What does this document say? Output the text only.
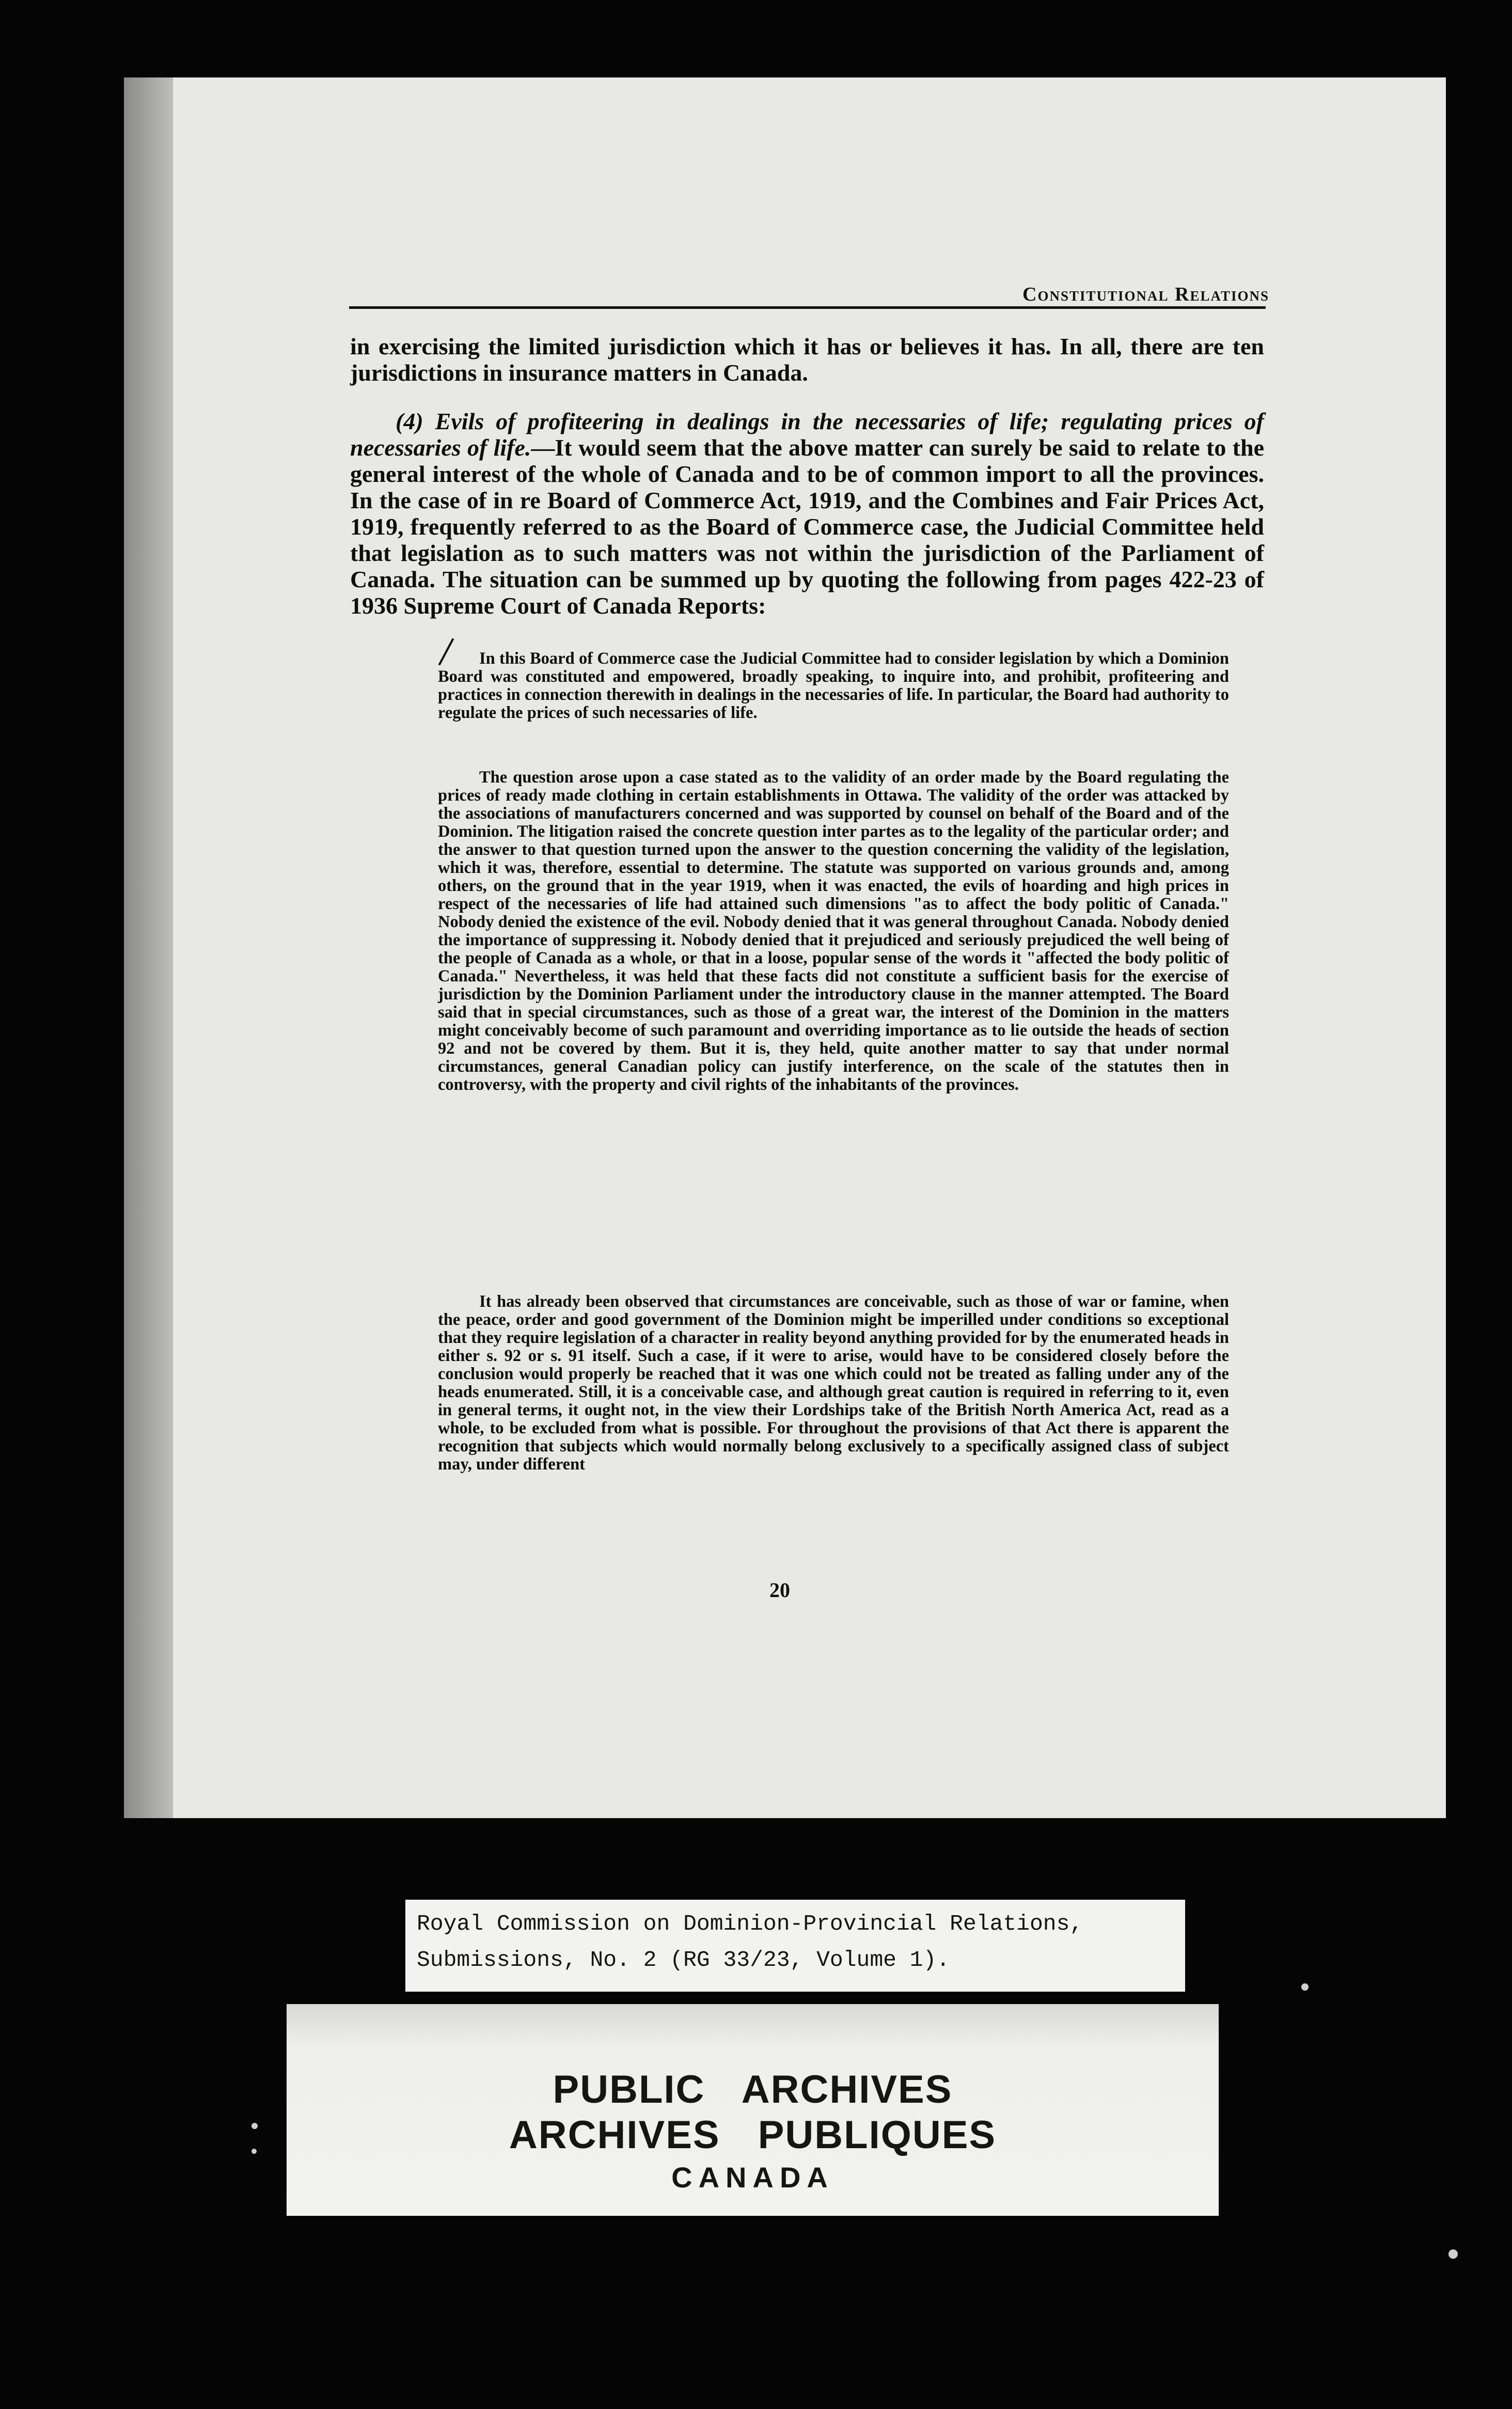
Constitutional Relations
in exercising the limited jurisdiction which it has or believes it has. In all, there are ten jurisdictions in insurance matters in Canada.
(4) Evils of profiteering in dealings in the necessaries of life; regulating prices of necessaries of life.—It would seem that the above matter can surely be said to relate to the general interest of the whole of Canada and to be of common import to all the provinces. In the case of in re Board of Commerce Act, 1919, and the Combines and Fair Prices Act, 1919, frequently referred to as the Board of Commerce case, the Judicial Committee held that legislation as to such matters was not within the jurisdiction of the Parliament of Canada. The situation can be summed up by quoting the following from pages 422-23 of 1936 Supreme Court of Canada Reports:
In this Board of Commerce case the Judicial Committee had to consider legislation by which a Dominion Board was constituted and empowered, broadly speaking, to inquire into, and prohibit, profiteering and practices in connection therewith in dealings in the necessaries of life. In particular, the Board had authority to regulate the prices of such necessaries of life.
The question arose upon a case stated as to the validity of an order made by the Board regulating the prices of ready made clothing in certain establishments in Ottawa. The validity of the order was attacked by the associations of manufacturers concerned and was supported by counsel on behalf of the Board and of the Dominion. The litigation raised the concrete question inter partes as to the legality of the particular order; and the answer to that question turned upon the answer to the question concerning the validity of the legislation, which it was, therefore, essential to determine. The statute was supported on various grounds and, among others, on the ground that in the year 1919, when it was enacted, the evils of hoarding and high prices in respect of the necessaries of life had attained such dimensions "as to affect the body politic of Canada." Nobody denied the existence of the evil. Nobody denied that it was general throughout Canada. Nobody denied the importance of suppressing it. Nobody denied that it prejudiced and seriously prejudiced the well being of the people of Canada as a whole, or that in a loose, popular sense of the words it "affected the body politic of Canada." Nevertheless, it was held that these facts did not constitute a sufficient basis for the exercise of jurisdiction by the Dominion Parliament under the introductory clause in the manner attempted. The Board said that in special circumstances, such as those of a great war, the interest of the Dominion in the matters might conceivably become of such paramount and overriding importance as to lie outside the heads of section 92 and not be covered by them. But it is, they held, quite another matter to say that under normal circumstances, general Canadian policy can justify interference, on the scale of the statutes then in controversy, with the property and civil rights of the inhabitants of the provinces.
It has already been observed that circumstances are conceivable, such as those of war or famine, when the peace, order and good government of the Dominion might be imperilled under conditions so exceptional that they require legislation of a character in reality beyond anything provided for by the enumerated heads in either s. 92 or s. 91 itself. Such a case, if it were to arise, would have to be considered closely before the conclusion would properly be reached that it was one which could not be treated as falling under any of the heads enumerated. Still, it is a conceivable case, and although great caution is required in referring to it, even in general terms, it ought not, in the view their Lordships take of the British North America Act, read as a whole, to be excluded from what is possible. For throughout the provisions of that Act there is apparent the recognition that subjects which would normally belong exclusively to a specifically assigned class of subject may, under different
20
Royal Commission on Dominion-Provincial Relations,
Submissions, No. 2 (RG 33/23, Volume 1).
PUBLIC ARCHIVES
ARCHIVES PUBLIQUES
CANADA
